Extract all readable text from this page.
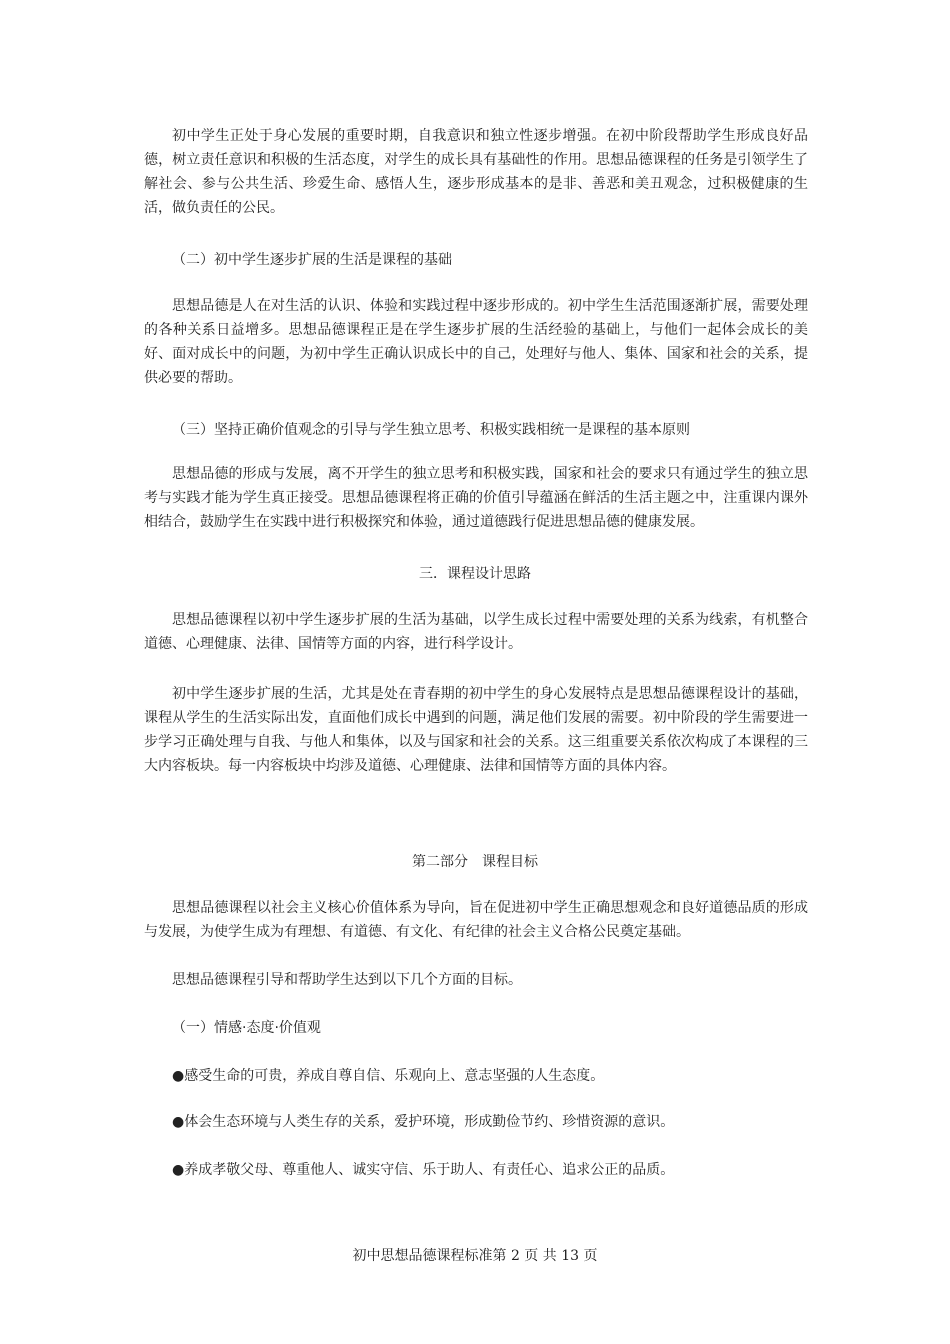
初中学生正处于身心发展的重要时期，自我意识和独立性逐步增强。在初中阶段帮助学生形成良好品德，树立责任意识和积极的生活态度，对学生的成长具有基础性的作用。思想品德课程的任务是引领学生了解社会、参与公共生活、珍爱生命、感悟人生，逐步形成基本的是非、善恶和美丑观念，过积极健康的生活，做负责任的公民。

（二）初中学生逐步扩展的生活是课程的基础

思想品德是人在对生活的认识、体验和实践过程中逐步形成的。初中学生生活范围逐渐扩展，需要处理的各种关系日益增多。思想品德课程正是在学生逐步扩展的生活经验的基础上，与他们一起体会成长的美好、面对成长中的问题，为初中学生正确认识成长中的自己，处理好与他人、集体、国家和社会的关系，提供必要的帮助。

（三）坚持正确价值观念的引导与学生独立思考、积极实践相统一是课程的基本原则

思想品德的形成与发展，离不开学生的独立思考和积极实践，国家和社会的要求只有通过学生的独立思考与实践才能为学生真正接受。思想品德课程将正确的价值引导蕴涵在鲜活的生活主题之中，注重课内课外相结合，鼓励学生在实践中进行积极探究和体验，通过道德践行促进思想品德的健康发展。

三．课程设计思路

思想品德课程以初中学生逐步扩展的生活为基础，以学生成长过程中需要处理的关系为线索，有机整合道德、心理健康、法律、国情等方面的内容，进行科学设计。

初中学生逐步扩展的生活，尤其是处在青春期的初中学生的身心发展特点是思想品德课程设计的基础，课程从学生的生活实际出发，直面他们成长中遇到的问题，满足他们发展的需要。初中阶段的学生需要进一步学习正确处理与自我、与他人和集体，以及与国家和社会的关系。这三组重要关系依次构成了本课程的三大内容板块。每一内容板块中均涉及道德、心理健康、法律和国情等方面的具体内容。

第二部分　课程目标

思想品德课程以社会主义核心价值体系为导向，旨在促进初中学生正确思想观念和良好道德品质的形成与发展，为使学生成为有理想、有道德、有文化、有纪律的社会主义合格公民奠定基础。

思想品德课程引导和帮助学生达到以下几个方面的目标。

（一）情感·态度·价值观

●感受生命的可贵，养成自尊自信、乐观向上、意志坚强的人生态度。

●体会生态环境与人类生存的关系，爱护环境，形成勤俭节约、珍惜资源的意识。

●养成孝敬父母、尊重他人、诚实守信、乐于助人、有责任心、追求公正的品质。

初中思想品德课程标准第 2 页 共 13 页
